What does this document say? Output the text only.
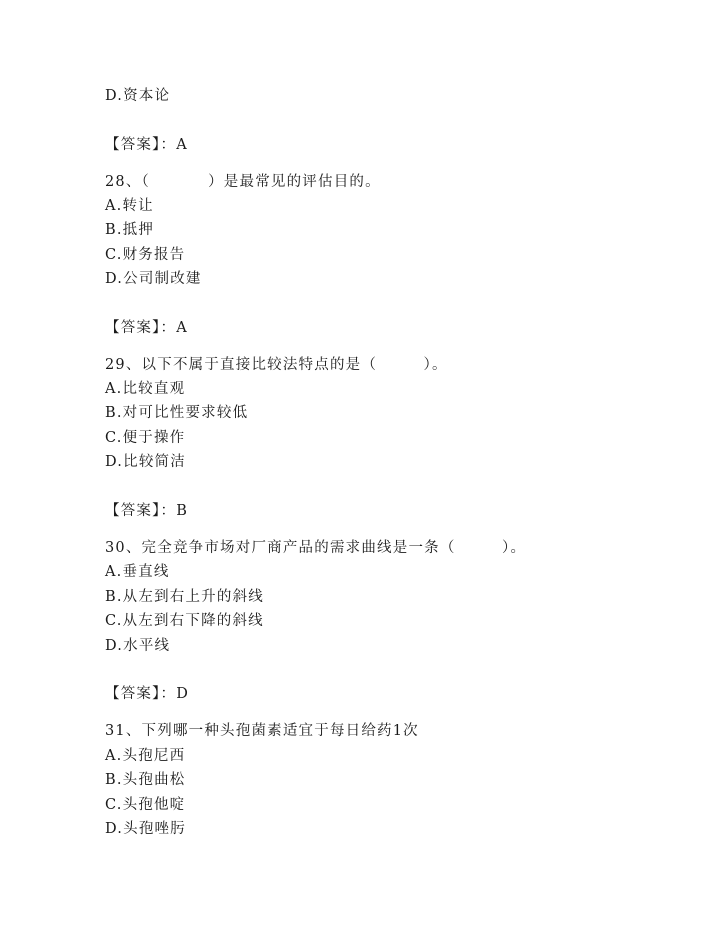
D.资本论
【答案】：A
28、（          ）是最常见的评估目的。
A.转让
B.抵押
C.财务报告
D.公司制改建
【答案】：A
29、以下不属于直接比较法特点的是（        ）。
A.比较直观
B.对可比性要求较低
C.便于操作
D.比较简洁
【答案】：B
30、完全竞争市场对厂商产品的需求曲线是一条（        ）。
A.垂直线
B.从左到右上升的斜线
C.从左到右下降的斜线
D.水平线
【答案】：D
31、下列哪一种头孢菌素适宜于每日给药1次
A.头孢尼西
B.头孢曲松
C.头孢他啶
D.头孢唑肟
